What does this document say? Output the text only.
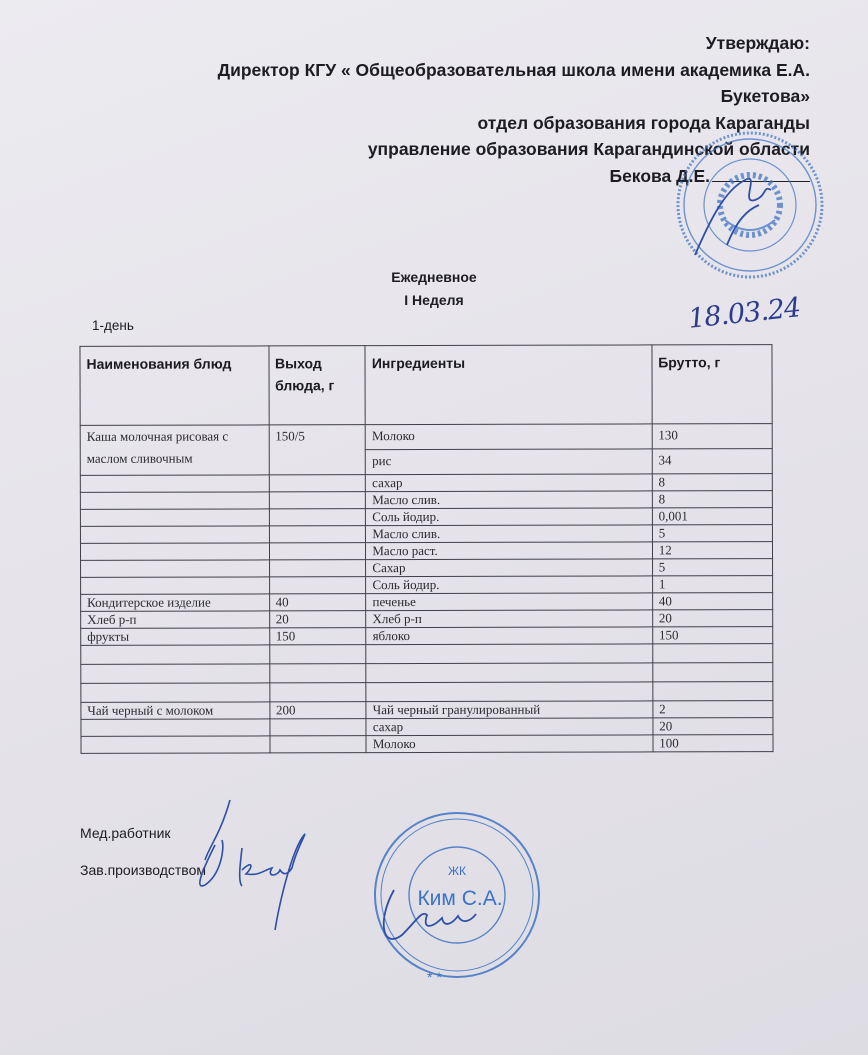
Утверждаю:
Директор КГУ « Общеобразовательная школа имени академика Е.А.
Букетова»
отдел образования города Караганды
управление образования Карагандинской области
Бекова Д.Е.
Ежедневное
I Неделя
1-день	18.03.24
Наименования блюд	Выход блюда, г	Ингредиенты	Брутто, г
Каша молочная рисовая с маслом сливочным	150/5	Молоко	130
		рис	34
		сахар	8
		Масло слив.	8
		Соль йодир.	0,001
		Масло слив.	5
		Масло раст.	12
		Сахар	5
		Соль йодир.	1
Кондитерское изделие	40	печенье	40
Хлеб р-п	20	Хлеб р-п	20
фрукты	150	яблоко	150

Чай черный с молоком	200	Чай черный гранулированный	2
		сахар	20
		Молоко	100
Мед.работник
Зав.производством	ЖК
Ким С.А.
* *
